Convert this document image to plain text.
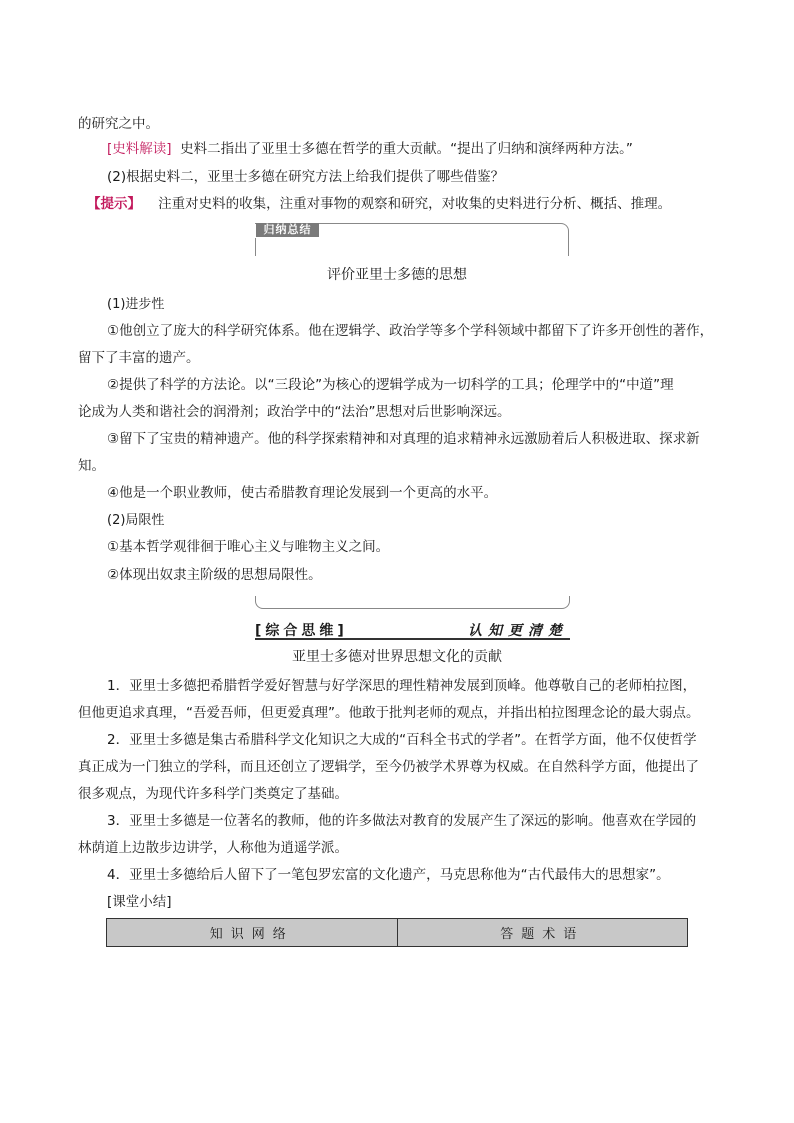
的研究之中。
[史料解读] 史料二指出了亚里士多德在哲学的重大贡献。“提出了归纳和演绎两种方法。”
(2)根据史料二，亚里士多德在研究方法上给我们提供了哪些借鉴？
【提示】 注重对史料的收集，注重对事物的观察和研究，对收集的史料进行分析、概括、推理。
归纳总结
评价亚里士多德的思想
(1)进步性
①他创立了庞大的科学研究体系。他在逻辑学、政治学等多个学科领域中都留下了许多开创性的著作，
留下了丰富的遗产。
②提供了科学的方法论。以“三段论”为核心的逻辑学成为一切科学的工具；伦理学中的“中道”理
论成为人类和谐社会的润滑剂；政治学中的“法治”思想对后世影响深远。
③留下了宝贵的精神遗产。他的科学探索精神和对真理的追求精神永远激励着后人积极进取、探求新
知。
④他是一个职业教师，使古希腊教育理论发展到一个更高的水平。
(2)局限性
①基本哲学观徘徊于唯心主义与唯物主义之间。
②体现出奴隶主阶级的思想局限性。
[综合思维]	认知更清楚
亚里士多德对世界思想文化的贡献
1．亚里士多德把希腊哲学爱好智慧与好学深思的理性精神发展到顶峰。他尊敬自己的老师柏拉图，
但他更追求真理，“吾爱吾师，但更爱真理”。他敢于批判老师的观点，并指出柏拉图理念论的最大弱点。
2．亚里士多德是集古希腊科学文化知识之大成的“百科全书式的学者”。在哲学方面，他不仅使哲学
真正成为一门独立的学科，而且还创立了逻辑学，至今仍被学术界尊为权威。在自然科学方面，他提出了
很多观点，为现代许多科学门类奠定了基础。
3．亚里士多德是一位著名的教师，他的许多做法对教育的发展产生了深远的影响。他喜欢在学园的
林荫道上边散步边讲学，人称他为逍遥学派。
4．亚里士多德给后人留下了一笔包罗宏富的文化遗产，马克思称他为“古代最伟大的思想家”。
[课堂小结]
知识网络	答题术语
